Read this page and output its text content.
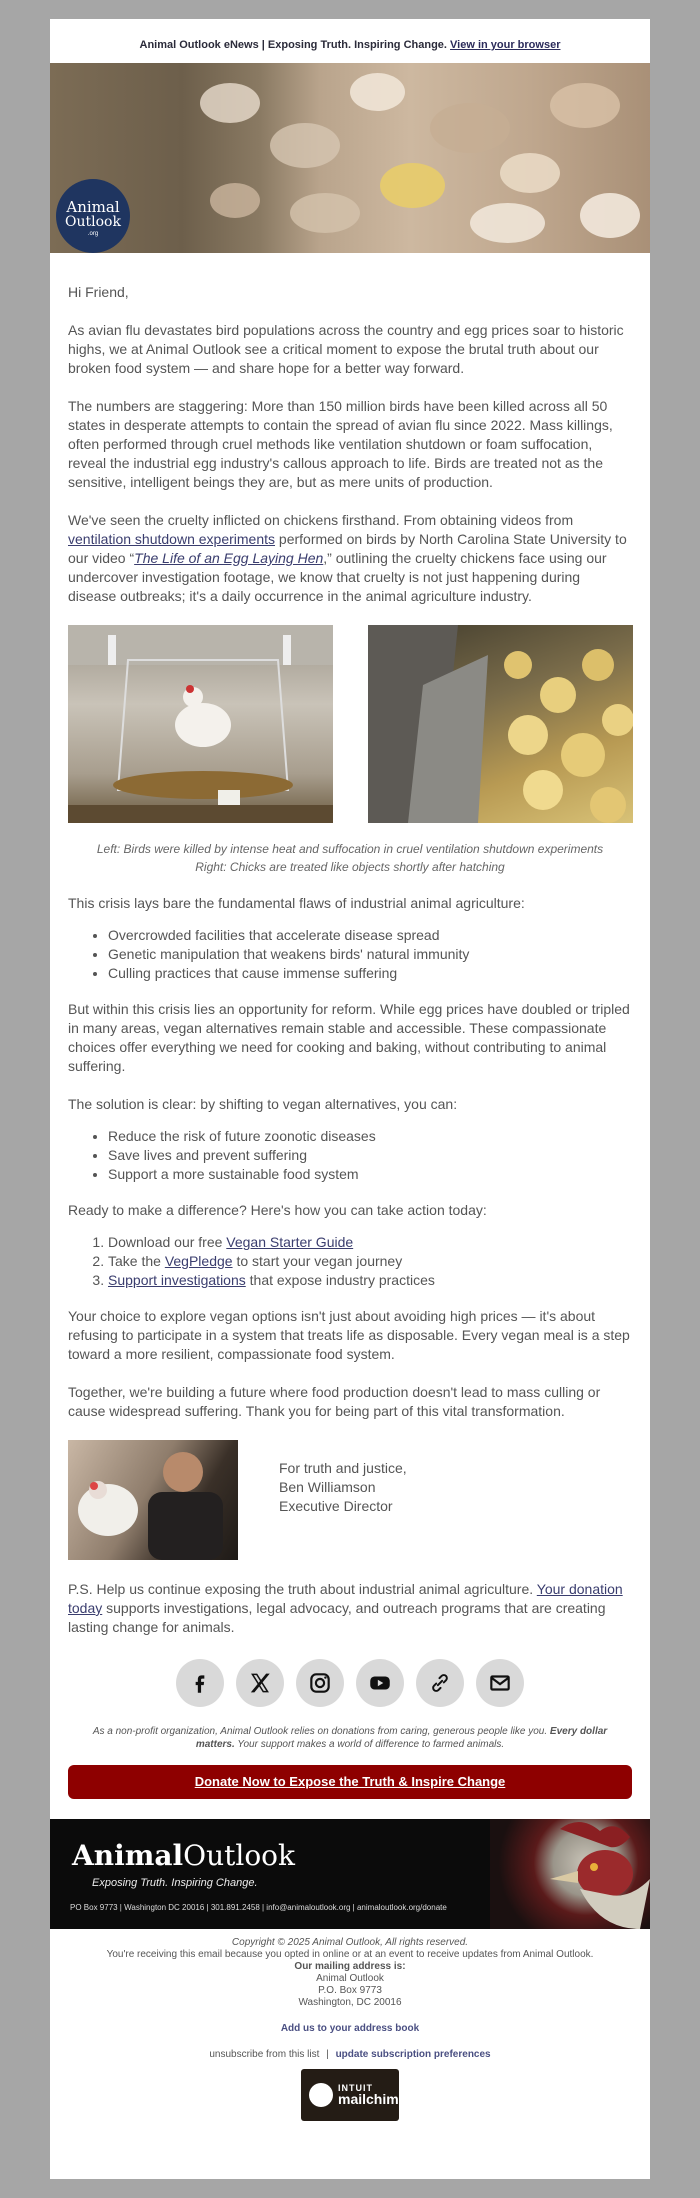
Animal Outlook eNews | Exposing Truth. Inspiring Change. View in your browser
Animal
Outlook
.org

Hi Friend,

As avian flu devastates bird populations across the country and egg prices soar to historic highs, we at Animal Outlook see a critical moment to expose the brutal truth about our broken food system — and share hope for a better way forward.

The numbers are staggering: More than 150 million birds have been killed across all 50 states in desperate attempts to contain the spread of avian flu since 2022. Mass killings, often performed through cruel methods like ventilation shutdown or foam suffocation, reveal the industrial egg industry's callous approach to life. Birds are treated not as the sensitive, intelligent beings they are, but as mere units of production.

We've seen the cruelty inflicted on chickens firsthand. From obtaining videos from ventilation shutdown experiments performed on birds by North Carolina State University to our video “The Life of an Egg Laying Hen,” outlining the cruelty chickens face using our undercover investigation footage, we know that cruelty is not just happening during disease outbreaks; it's a daily occurrence in the animal agriculture industry.

Left: Birds were killed by intense heat and suffocation in cruel ventilation shutdown experiments
Right: Chicks are treated like objects shortly after hatching

This crisis lays bare the fundamental flaws of industrial animal agriculture:

• Overcrowded facilities that accelerate disease spread
• Genetic manipulation that weakens birds' natural immunity
• Culling practices that cause immense suffering

But within this crisis lies an opportunity for reform. While egg prices have doubled or tripled in many areas, vegan alternatives remain stable and accessible. These compassionate choices offer everything we need for cooking and baking, without contributing to animal suffering.

The solution is clear: by shifting to vegan alternatives, you can:

• Reduce the risk of future zoonotic diseases
• Save lives and prevent suffering
• Support a more sustainable food system

Ready to make a difference? Here's how you can take action today:

1. Download our free Vegan Starter Guide
2. Take the VegPledge to start your vegan journey
3. Support investigations that expose industry practices

Your choice to explore vegan options isn't just about avoiding high prices — it's about refusing to participate in a system that treats life as disposable. Every vegan meal is a step toward a more resilient, compassionate food system.

Together, we're building a future where food production doesn't lead to mass culling or cause widespread suffering. Thank you for being part of this vital transformation.

For truth and justice,
Ben Williamson
Executive Director

P.S. Help us continue exposing the truth about industrial animal agriculture. Your donation today supports investigations, legal advocacy, and outreach programs that are creating lasting change for animals.

As a non-profit organization, Animal Outlook relies on donations from caring, generous people like you. Every dollar matters. Your support makes a world of difference to farmed animals.
Donate Now to Expose the Truth & Inspire Change
AnimalOutlook
Exposing Truth. Inspiring Change.
PO Box 9773 | Washington DC 20016 | 301.891.2458 | info@animaloutlook.org | animaloutlook.org/donate
Copyright © 2025 Animal Outlook, All rights reserved.
You're receiving this email because you opted in online or at an event to receive updates from Animal Outlook.
Our mailing address is:
Animal Outlook
P.O. Box 9773
Washington, DC 20016
Add us to your address book
unsubscribe from this list | update subscription preferences
INTUIT
mailchimp
